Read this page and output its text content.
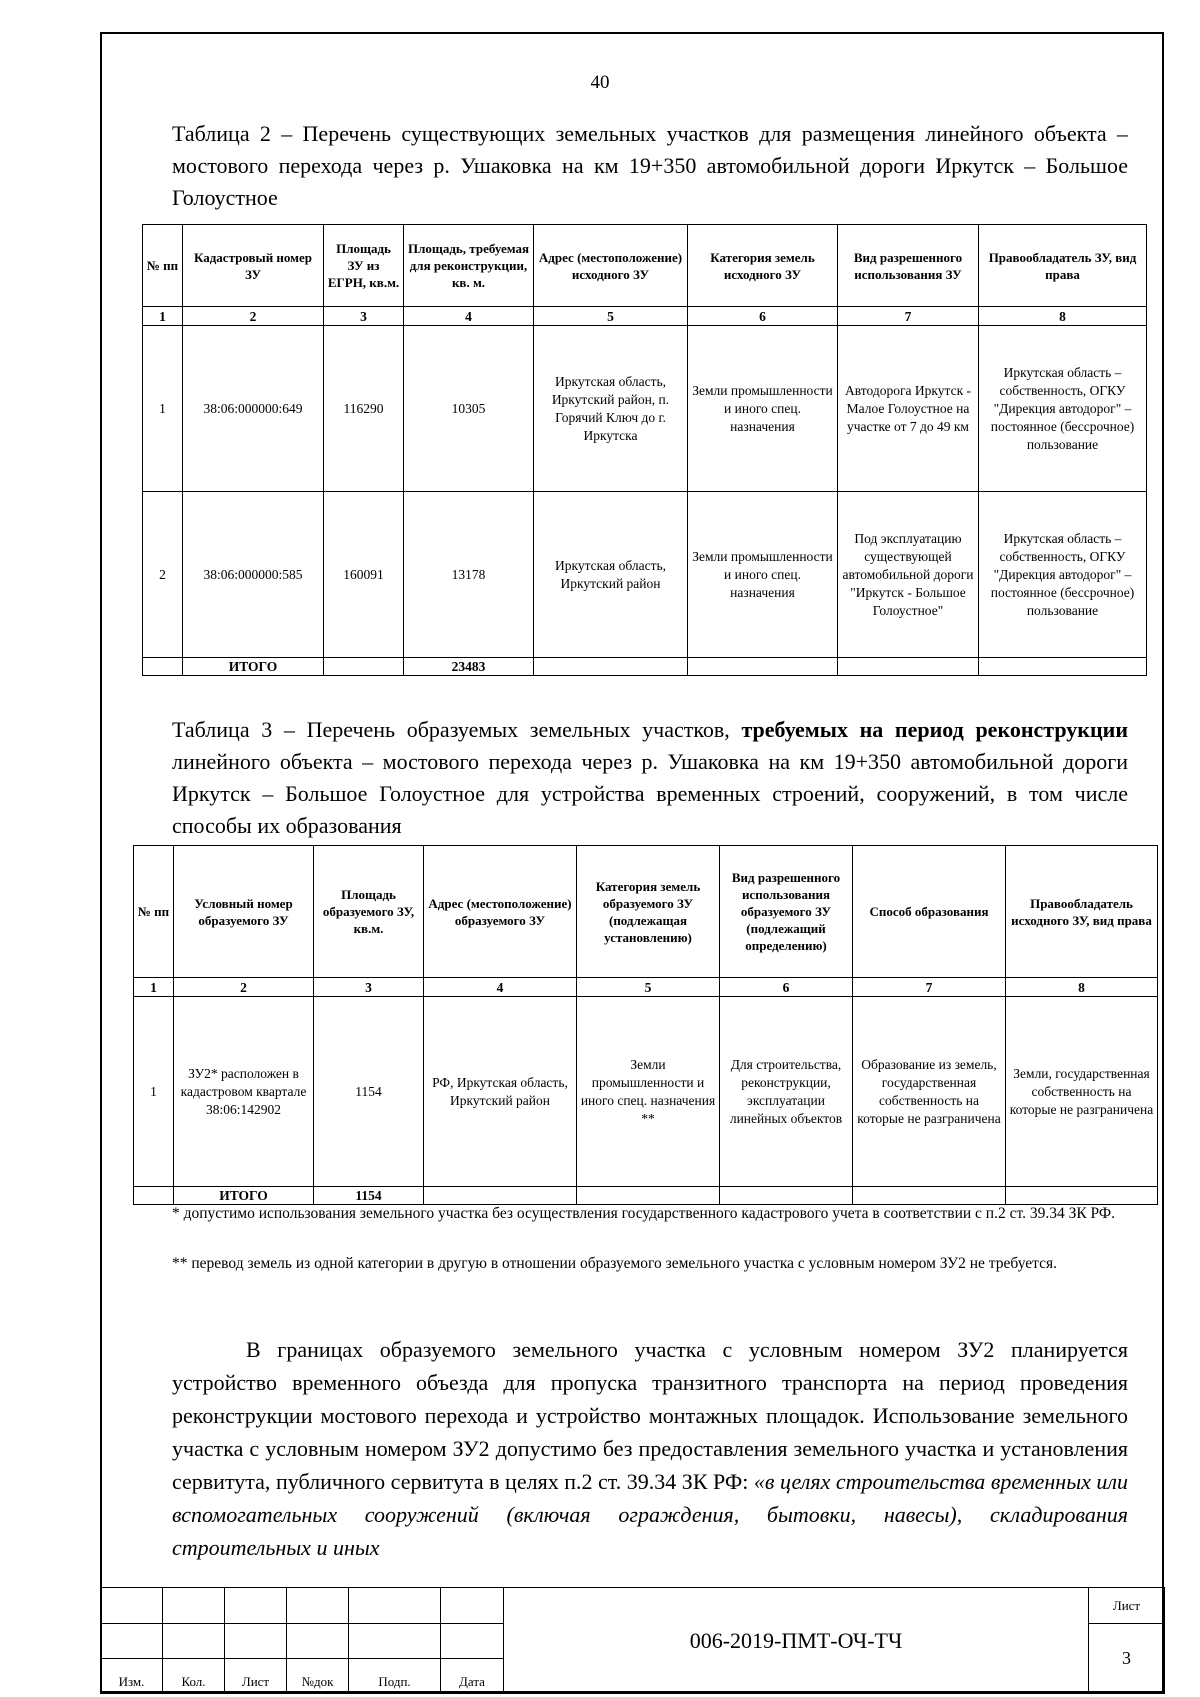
40
Таблица 2 – Перечень существующих земельных участков для размещения линейного объекта – мостового перехода через р. Ушаковка на км 19+350 автомобильной дороги Иркутск – Большое Голоустное
№ пп	Кадастровый номер ЗУ	Площадь ЗУ из ЕГРН, кв.м.	Площадь, требуемая для реконструкции, кв. м.	Адрес (местоположение) исходного ЗУ	Категория земель исходного ЗУ	Вид разрешенного использования ЗУ	Правообладатель ЗУ, вид права
1	2	3	4	5	6	7	8
1	38:06:000000:649	116290	10305	Иркутская область, Иркутский район, п. Горячий Ключ до г. Иркутска	Земли промышленности и иного спец. назначения	Автодорога Иркутск - Малое Голоустное на участке от 7 до 49 км	Иркутская область – собственность, ОГКУ "Дирекция автодорог" – постоянное (бессрочное) пользование
2	38:06:000000:585	160091	13178	Иркутская область, Иркутский район	Земли промышленности и иного спец. назначения	Под эксплуатацию существующей автомобильной дороги "Иркутск - Большое Голоустное"	Иркутская область – собственность, ОГКУ "Дирекция автодорог" – постоянное (бессрочное) пользование
	ИТОГО		23483				
Таблица 3 – Перечень образуемых земельных участков, требуемых на период реконструкции линейного объекта – мостового перехода через р. Ушаковка на км 19+350 автомобильной дороги Иркутск – Большое Голоустное для устройства временных строений, сооружений, в том числе способы их образования
№ пп	Условный номер образуемого ЗУ	Площадь образуемого ЗУ, кв.м.	Адрес (местоположение) образуемого ЗУ	Категория земель образуемого ЗУ (подлежащая установлению)	Вид разрешенного использования образуемого ЗУ (подлежащий определению)	Способ образования	Правообладатель исходного ЗУ, вид права
1	2	3	4	5	6	7	8
1	ЗУ2* расположен в кадастровом квартале 38:06:142902	1154	РФ, Иркутская область, Иркутский район	Земли промышленности и иного спец. назначения **	Для строительства, реконструкции, эксплуатации линейных объектов	Образование из земель, государственная собственность на которые не разграничена	Земли, государственная собственность на которые не разграничена
	ИТОГО	1154					
* допустимо использования земельного участка без осуществления государственного кадастрового учета в соответствии с п.2 ст. 39.34 ЗК РФ.
** перевод земель из одной категории в другую в отношении образуемого земельного участка с условным номером ЗУ2 не требуется.
В границах образуемого земельного участка с условным номером ЗУ2 планируется устройство временного объезда для пропуска транзитного транспорта на период проведения реконструкции мостового перехода и устройство монтажных площадок. Использование земельного участка с условным номером ЗУ2 допустимо без предоставления земельного участка и установления сервитута, публичного сервитута в целях п.2 ст. 39.34 ЗК РФ: «в целях строительства временных или вспомогательных сооружений (включая ограждения, бытовки, навесы), складирования строительных и иных
						006-2019-ПМТ-ОЧ-ТЧ	Лист
							3
Изм.	Кол.	Лист	№док	Подп.	Дата		
